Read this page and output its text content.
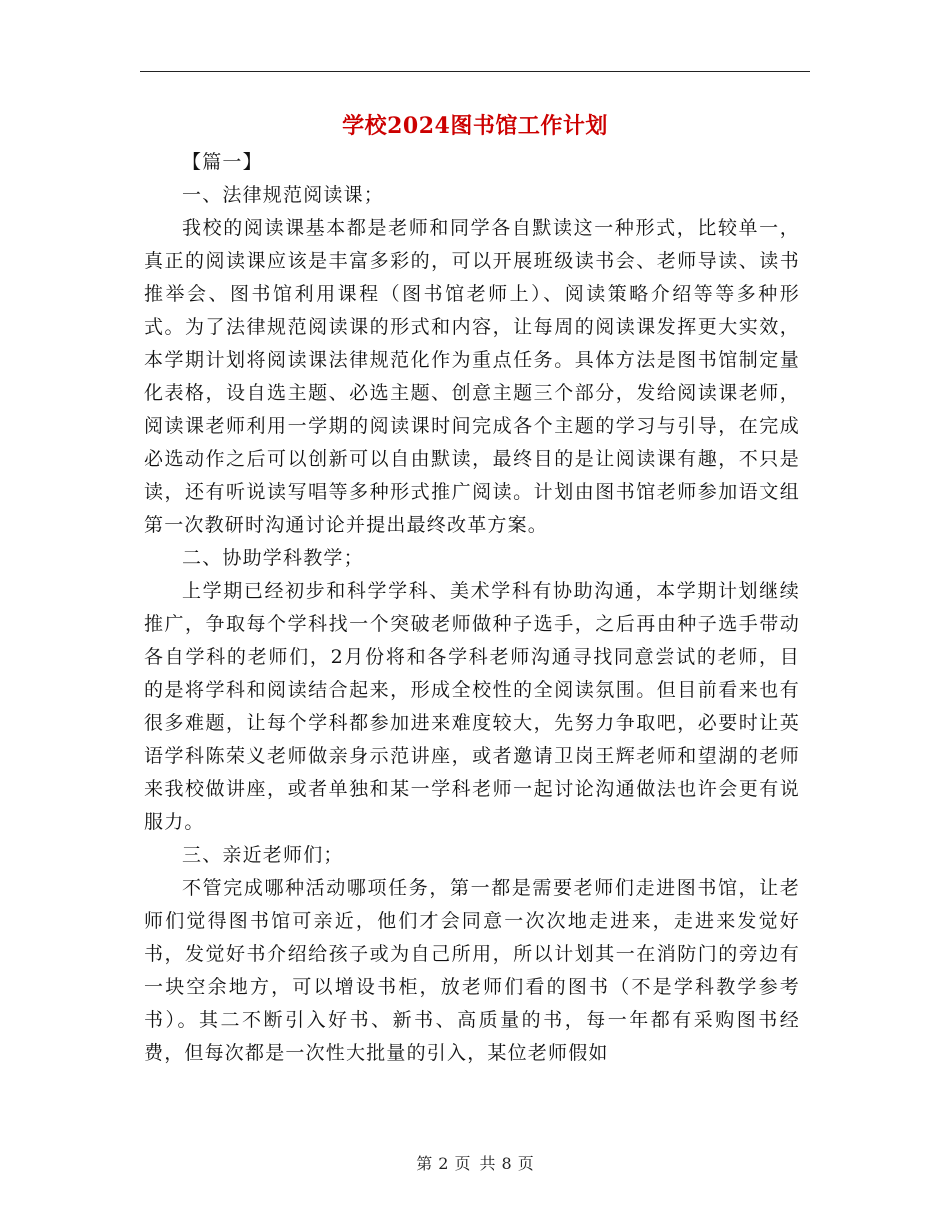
学校2024图书馆工作计划

【篇一】

一、法律规范阅读课；

我校的阅读课基本都是老师和同学各自默读这一种形式，比较单一，真正的阅读课应该是丰富多彩的，可以开展班级读书会、老师导读、读书推举会、图书馆利用课程（图书馆老师上）、阅读策略介绍等等多种形式。为了法律规范阅读课的形式和内容，让每周的阅读课发挥更大实效，本学期计划将阅读课法律规范化作为重点任务。具体方法是图书馆制定量化表格，设自选主题、必选主题、创意主题三个部分，发给阅读课老师，阅读课老师利用一学期的阅读课时间完成各个主题的学习与引导，在完成必选动作之后可以创新可以自由默读，最终目的是让阅读课有趣，不只是读，还有听说读写唱等多种形式推广阅读。计划由图书馆老师参加语文组第一次教研时沟通讨论并提出最终改革方案。

二、协助学科教学；

上学期已经初步和科学学科、美术学科有协助沟通，本学期计划继续推广，争取每个学科找一个突破老师做种子选手，之后再由种子选手带动各自学科的老师们，2月份将和各学科老师沟通寻找同意尝试的老师，目的是将学科和阅读结合起来，形成全校性的全阅读氛围。但目前看来也有很多难题，让每个学科都参加进来难度较大，先努力争取吧，必要时让英语学科陈荣义老师做亲身示范讲座，或者邀请卫岗王辉老师和望湖的老师来我校做讲座，或者单独和某一学科老师一起讨论沟通做法也许会更有说服力。

三、亲近老师们；

不管完成哪种活动哪项任务，第一都是需要老师们走进图书馆，让老师们觉得图书馆可亲近，他们才会同意一次次地走进来，走进来发觉好书，发觉好书介绍给孩子或为自己所用，所以计划其一在消防门的旁边有一块空余地方，可以增设书柜，放老师们看的图书（不是学科教学参考书）。其二不断引入好书、新书、高质量的书，每一年都有采购图书经费，但每次都是一次性大批量的引入，某位老师假如

第 2 页 共 8 页
